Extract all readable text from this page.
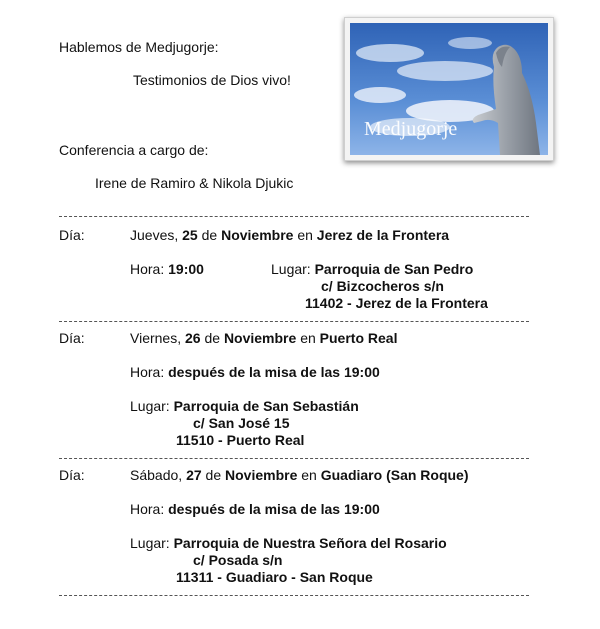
Hablemos de Medjugorje:
Testimonios de Dios vivo!
Conferencia a cargo de:
Irene de Ramiro & Nikola Djukic
Medjugorje
Día:	Jueves, 25 de Noviembre en Jerez de la Frontera
Hora: 19:00	Lugar: Parroquia de San Pedro
c/ Bizcocheros s/n
11402 - Jerez de la Frontera
Día:	Viernes, 26 de Noviembre en Puerto Real
Hora: después de la misa de las 19:00
Lugar: Parroquia de San Sebastián
c/ San José 15
11510 - Puerto Real
Día:	Sábado, 27 de Noviembre en Guadiaro (San Roque)
Hora: después de la misa de las 19:00
Lugar: Parroquia de Nuestra Señora del Rosario
c/ Posada s/n
11311 - Guadiaro - San Roque
